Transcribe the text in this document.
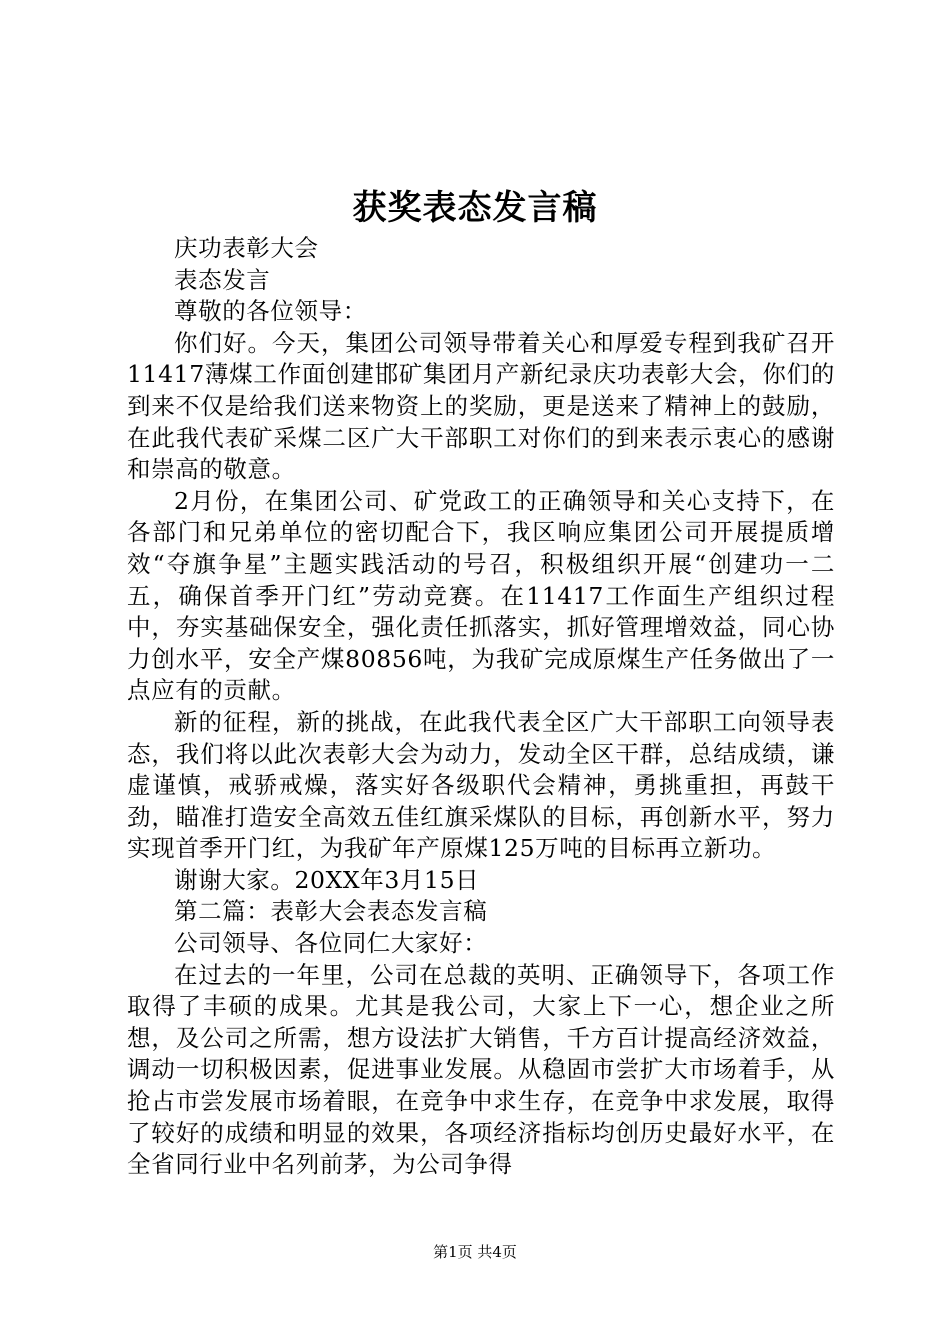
获奖表态发言稿

庆功表彰大会

表态发言

尊敬的各位领导：

你们好。今天，集团公司领导带着关心和厚爱专程到我矿召开11417薄煤工作面创建邯矿集团月产新纪录庆功表彰大会，你们的到来不仅是给我们送来物资上的奖励，更是送来了精神上的鼓励，在此我代表矿采煤二区广大干部职工对你们的到来表示衷心的感谢和崇高的敬意。

2月份，在集团公司、矿党政工的正确领导和关心支持下，在各部门和兄弟单位的密切配合下，我区响应集团公司开展提质增效“夺旗争星”主题实践活动的号召，积极组织开展“创建功一二五，确保首季开门红”劳动竞赛。在11417工作面生产组织过程中，夯实基础保安全，强化责任抓落实，抓好管理增效益，同心协力创水平，安全产煤80856吨，为我矿完成原煤生产任务做出了一点应有的贡献。

新的征程，新的挑战，在此我代表全区广大干部职工向领导表态，我们将以此次表彰大会为动力，发动全区干群，总结成绩，谦虚谨慎，戒骄戒燥，落实好各级职代会精神，勇挑重担，再鼓干劲，瞄准打造安全高效五佳红旗采煤队的目标，再创新水平，努力实现首季开门红，为我矿年产原煤125万吨的目标再立新功。

谢谢大家。20XX年3月15日

第二篇：表彰大会表态发言稿

公司领导、各位同仁大家好：

在过去的一年里，公司在总裁的英明、正确领导下，各项工作取得了丰硕的成果。尤其是我公司，大家上下一心，想企业之所想，及公司之所需，想方设法扩大销售，千方百计提高经济效益，调动一切积极因素，促进事业发展。从稳固市尝扩大市场着手，从抢占市尝发展市场着眼，在竞争中求生存，在竞争中求发展，取得了较好的成绩和明显的效果，各项经济指标均创历史最好水平，在全省同行业中名列前茅，为公司争得

第1页 共4页
